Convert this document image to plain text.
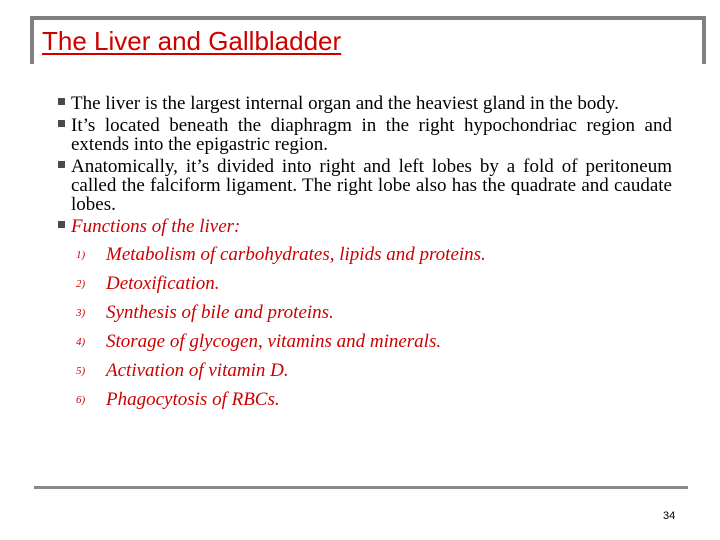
The Liver and Gallbladder
The liver is the largest internal organ and the heaviest gland in the body.
It’s located beneath the diaphragm in the right hypochondriac region and extends into the epigastric region.
Anatomically, it’s divided into right and left lobes by a fold of peritoneum called the falciform ligament. The right lobe also has the quadrate and caudate lobes.
Functions of the liver:
1) Metabolism of carbohydrates, lipids and proteins.
2) Detoxification.
3) Synthesis of bile and proteins.
4) Storage of glycogen, vitamins and minerals.
5) Activation of vitamin D.
6) Phagocytosis of RBCs.
34
